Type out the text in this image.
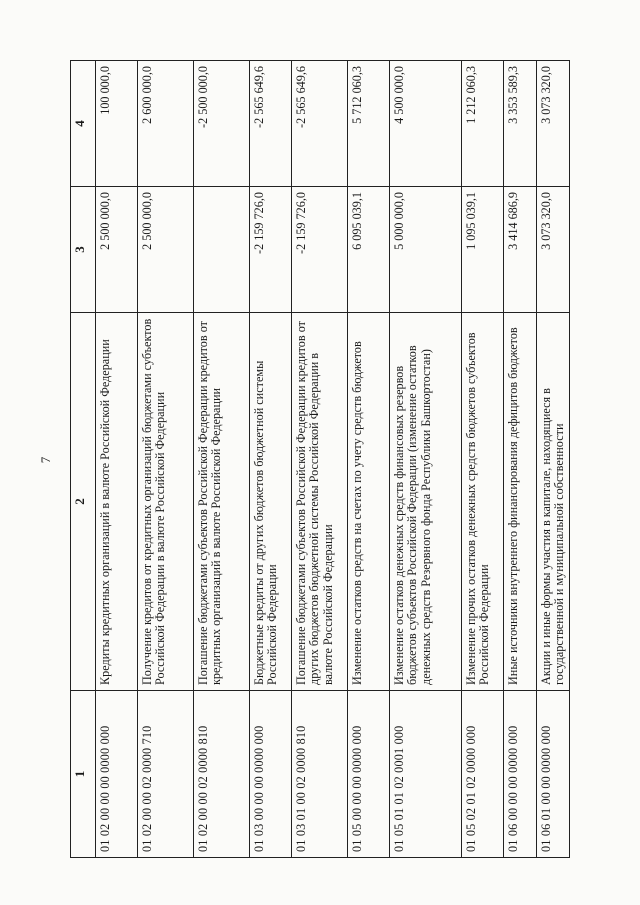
7
1	2	3	4
01 02 00 00 00 0000 000	Кредиты кредитных организаций в валюте Российской Федерации	2 500 000,0	100 000,0
01 02 00 00 02 0000 710	Получение кредитов от кредитных организаций бюджетами субъектов Российской Федерации в валюте Российской Федерации	2 500 000,0	2 600 000,0
01 02 00 00 02 0000 810	Погашение бюджетами субъектов Российской Федерации кредитов от кредитных организаций в валюте Российской Федерации		-2 500 000,0
01 03 00 00 00 0000 000	Бюджетные кредиты от других бюджетов бюджетной системы Российской Федерации	-2 159 726,0	-2 565 649,6
01 03 01 00 02 0000 810	Погашение бюджетами субъектов Российской Федерации кредитов от других бюджетов бюджетной системы Российской Федерации в валюте Российской Федерации	-2 159 726,0	-2 565 649,6
01 05 00 00 00 0000 000	Изменение остатков средств на счетах по учету средств бюджетов	6 095 039,1	5 712 060,3
01 05 01 01 02 0001 000	Изменение остатков денежных средств финансовых резервов бюджетов субъектов Российской Федерации (изменение остатков денежных средств Резервного фонда Республики Башкортостан)	5 000 000,0	4 500 000,0
01 05 02 01 02 0000 000	Изменение прочих остатков денежных средств бюджетов субъектов Российской Федерации	1 095 039,1	1 212 060,3
01 06 00 00 00 0000 000	Иные источники внутреннего финансирования дефицитов бюджетов	3 414 686,9	3 353 589,3
01 06 01 00 00 0000 000	Акции и иные формы участия в капитале, находящиеся в государственной и муниципальной собственности	3 073 320,0	3 073 320,0
